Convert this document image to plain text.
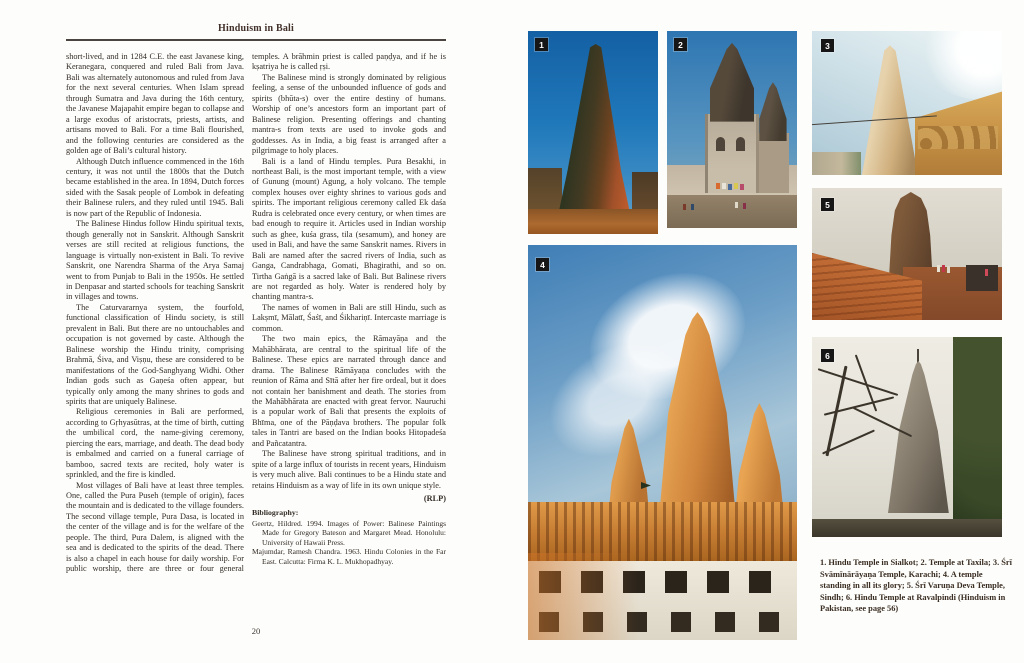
Hinduism in Bali

short-lived, and in 1284 C.E. the east Javanese king, Keranegara, conquered and ruled Bali from Java. Bali was alternately autonomous and ruled from Java for the next several centuries. When Islam spread through Sumatra and Java during the 16th century, the Javanese Majapahit empire began to collapse and a large exodus of aristocrats, priests, artists, and artisans moved to Bali. For a time Bali flourished, and the following centuries are considered as the golden age of Bali’s cultural history.

Although Dutch influence commenced in the 16th century, it was not until the 1800s that the Dutch became established in the area. In 1894, Dutch forces sided with the Sasak people of Lombok in defeating their Balinese rulers, and they ruled until 1945. Bali is now part of the Republic of Indonesia.

The Balinese Hindus follow Hindu spiritual texts, though generally not in Sanskrit. Although Sanskrit verses are still recited at religious functions, the language is virtually non-existent in Bali. To revive Sanskrit, one Narendra Sharma of the Arya Samaj went to from Punjab to Bali in the 1950s. He settled in Denpasar and started schools for teaching Sanskrit in villages and towns.

The Caturvararnya system, the fourfold, functional classification of Hindu society, is still prevalent in Bali. But there are no untouchables and occupation is not governed by caste. Although the Balinese worship the Hindu trinity, comprising Brahmā, Śiva, and Viṣṇu, these are considered to be manifestations of the God-Sanghyang Widhi. Other Indian gods such as Gaṇeśa often appear, but typically only among the many shrines to gods and spirits that are uniquely Balinese.

Religious ceremonies in Bali are performed, according to Gṛhyasūtras, at the time of birth, cutting the umbilical cord, the name-giving ceremony, piercing the ears, marriage, and death. The dead body is embalmed and carried on a funeral carriage of bamboo, sacred texts are recited, holy water is sprinkled, and the fire is kindled.

Most villages of Bali have at least three temples. One, called the Pura Puseh (temple of origin), faces the mountain and is dedicated to the village founders. The second village temple, Pura Dasa, is located in the center of the village and is for the welfare of the people. The third, Pura Dalem, is aligned with the sea and is dedicated to the spirits of the dead. There is also a chapel in each house for daily worship. For public worship, there are three or four general

temples. A brāhmin priest is called paṇḍya, and if he is kṣatriya he is called ṛṣi.

The Balinese mind is strongly dominated by religious feeling, a sense of the unbounded influence of gods and spirits (bhūta-s) over the entire destiny of humans. Worship of one’s ancestors form an important part of Balinese religion. Presenting offerings and chanting mantra-s from texts are used to invoke gods and goddesses. As in India, a big feast is arranged after a pilgrimage to holy places.

Bali is a land of Hindu temples. Pura Besakhi, in northeast Bali, is the most important temple, with a view of Gunung (mount) Agung, a holy volcano. The temple complex houses over eighty shrines to various gods and spirits. The important religious ceremony called Ek daśa Rudra is celebrated once every century, or when times are bad enough to require it. Articles used in Indian worship such as ghee, kuśa grass, tila (sesamum), and honey are used in Bali, and have the same Sanskrit names. Rivers in Bali are named after the sacred rivers of India, such as Ganga, Candrabhaga, Gomati, Bhagirathi, and so on. Tirtha Gaṅgā is a sacred lake of Bali. But Balinese rivers are not regarded as holy. Water is rendered holy by chanting mantra-s.

The names of women in Bali are still Hindu, such as Lakṣmī, Mālatī, Śaśī, and Śikhariṇī. Intercaste marriage is common.

The two main epics, the Rāmayāṇa and the Mahābhārata, are central to the spiritual life of the Balinese. These epics are narrated through dance and drama. The Balinese Rāmāyaṇa concludes with the reunion of Rāma and Sītā after her fire ordeal, but it does not contain her banishment and death. The stories from the Mahābhārata are enacted with great fervor. Nauruchi is a popular work of Bali that presents the exploits of Bhīma, one of the Pāṇḍava brothers. The popular folk tales in Tantri are based on the Indian books Hitopadeśa and Pañcatantra.

The Balinese have strong spiritual traditions, and in spite of a large influx of tourists in recent years, Hinduism is very much alive. Bali continues to be a Hindu state and retains Hinduism as a way of life in its own unique style.

(RLP)
Bibliography:
Geertz, Hildred. 1994. Images of Power: Balinese Paintings Made for Gregory Bateson and Margaret Mead. Honolulu: University of Hawaii Press.
Majumdar, Ramesh Chandra. 1963. Hindu Colonies in the Far East. Calcutta: Firma K. L. Mukhopadhyay.
20
1	2	3
4
5
6
1. Hindu Temple in Sialkot; 2. Temple at Taxila; 3. Śrī Svāmīnārāyaṇa Temple, Karachi; 4. A temple standing in all its glory; 5. Śrī Varuṇa Deva Temple, Sindh; 6. Hindu Temple at Ravalpindi (Hinduism in Pakistan, see page 56)
